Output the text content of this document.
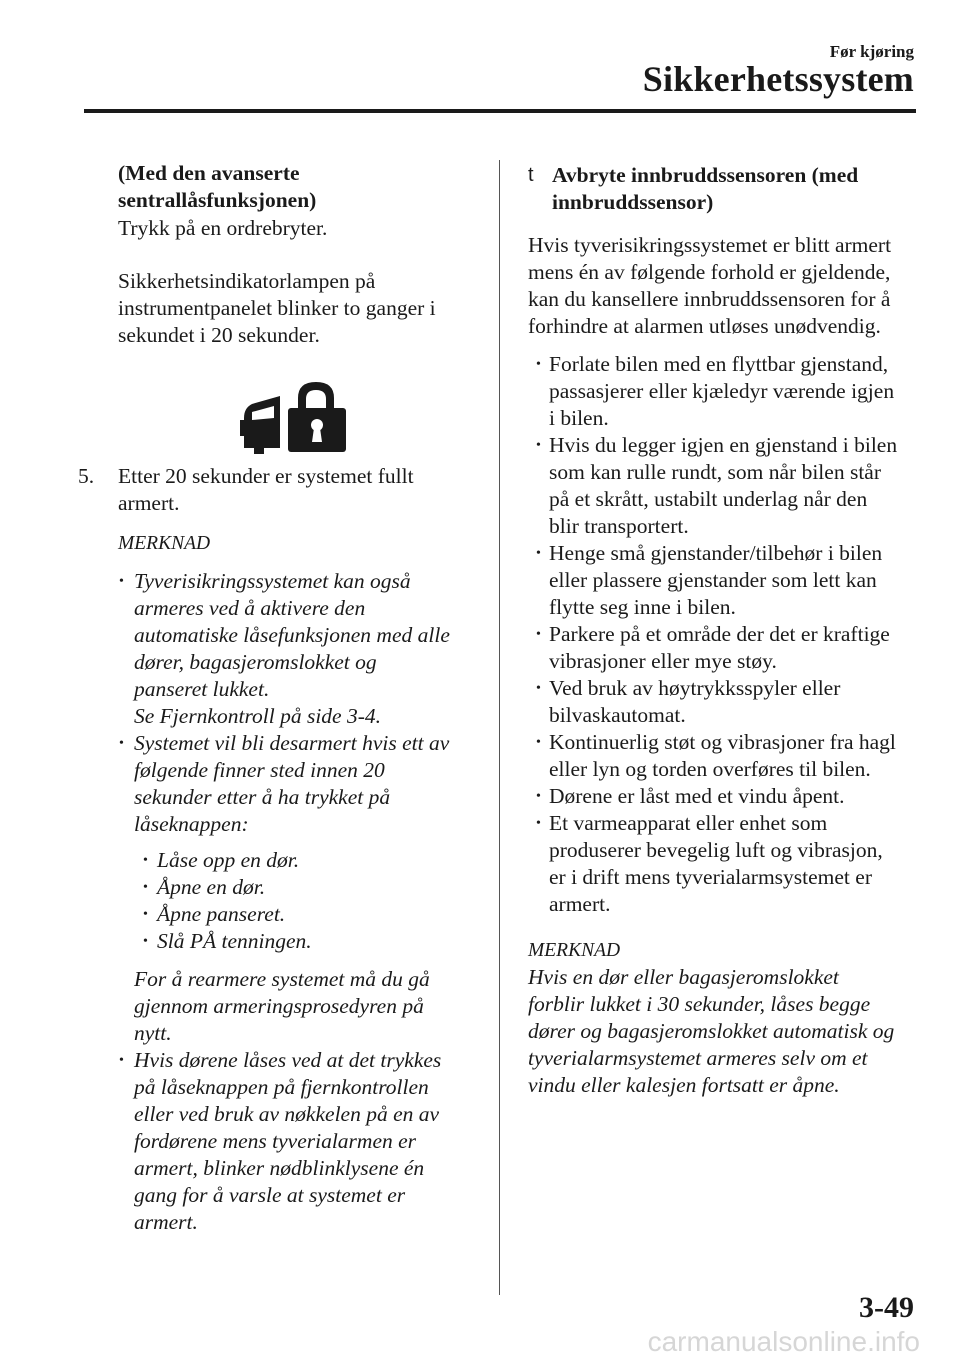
Før kjøring
Sikkerhetssystem
(Med den avanserte
sentrallåsfunksjonen)
Trykk på en ordrebryter.
Sikkerhetsindikatorlampen på
instrumentpanelet blinker to ganger i
sekundet i 20 sekunder.
5. Etter 20 sekunder er systemet fullt
armert.
MERKNAD
• Tyverisikringssystemet kan også
armeres ved å aktivere den
automatiske låsefunksjonen med alle
dører, bagasjeromslokket og
panseret lukket.
Se Fjernkontroll på side 3-4.
• Systemet vil bli desarmert hvis ett av
følgende finner sted innen 20
sekunder etter å ha trykket på
låseknappen:
• Låse opp en dør.
• Åpne en dør.
• Åpne panseret.
• Slå PÅ tenningen.
For å rearmere systemet må du gå
gjennom armeringsprosedyren på
nytt.
• Hvis dørene låses ved at det trykkes
på låseknappen på fjernkontrollen
eller ved bruk av nøkkelen på en av
fordørene mens tyverialarmen er
armert, blinker nødblinklysene én
gang for å varsle at systemet er
armert.
t Avbryte innbruddssensoren (med
innbruddssensor)
Hvis tyverisikringssystemet er blitt armert
mens én av følgende forhold er gjeldende,
kan du kansellere innbruddssensoren for å
forhindre at alarmen utløses unødvendig.
• Forlate bilen med en flyttbar gjenstand,
passasjerer eller kjæledyr værende igjen
i bilen.
• Hvis du legger igjen en gjenstand i bilen
som kan rulle rundt, som når bilen står
på et skrått, ustabilt underlag når den
blir transportert.
• Henge små gjenstander/tilbehør i bilen
eller plassere gjenstander som lett kan
flytte seg inne i bilen.
• Parkere på et område der det er kraftige
vibrasjoner eller mye støy.
• Ved bruk av høytrykksspyler eller
bilvaskautomat.
• Kontinuerlig støt og vibrasjoner fra hagl
eller lyn og torden overføres til bilen.
• Dørene er låst med et vindu åpent.
• Et varmeapparat eller enhet som
produserer bevegelig luft og vibrasjon,
er i drift mens tyverialarmsystemet er
armert.
MERKNAD
Hvis en dør eller bagasjeromslokket
forblir lukket i 30 sekunder, låses begge
dører og bagasjeromslokket automatisk og
tyverialarmsystemet armeres selv om et
vindu eller kalesjen fortsatt er åpne.
3-49
carmanualsonline.info
